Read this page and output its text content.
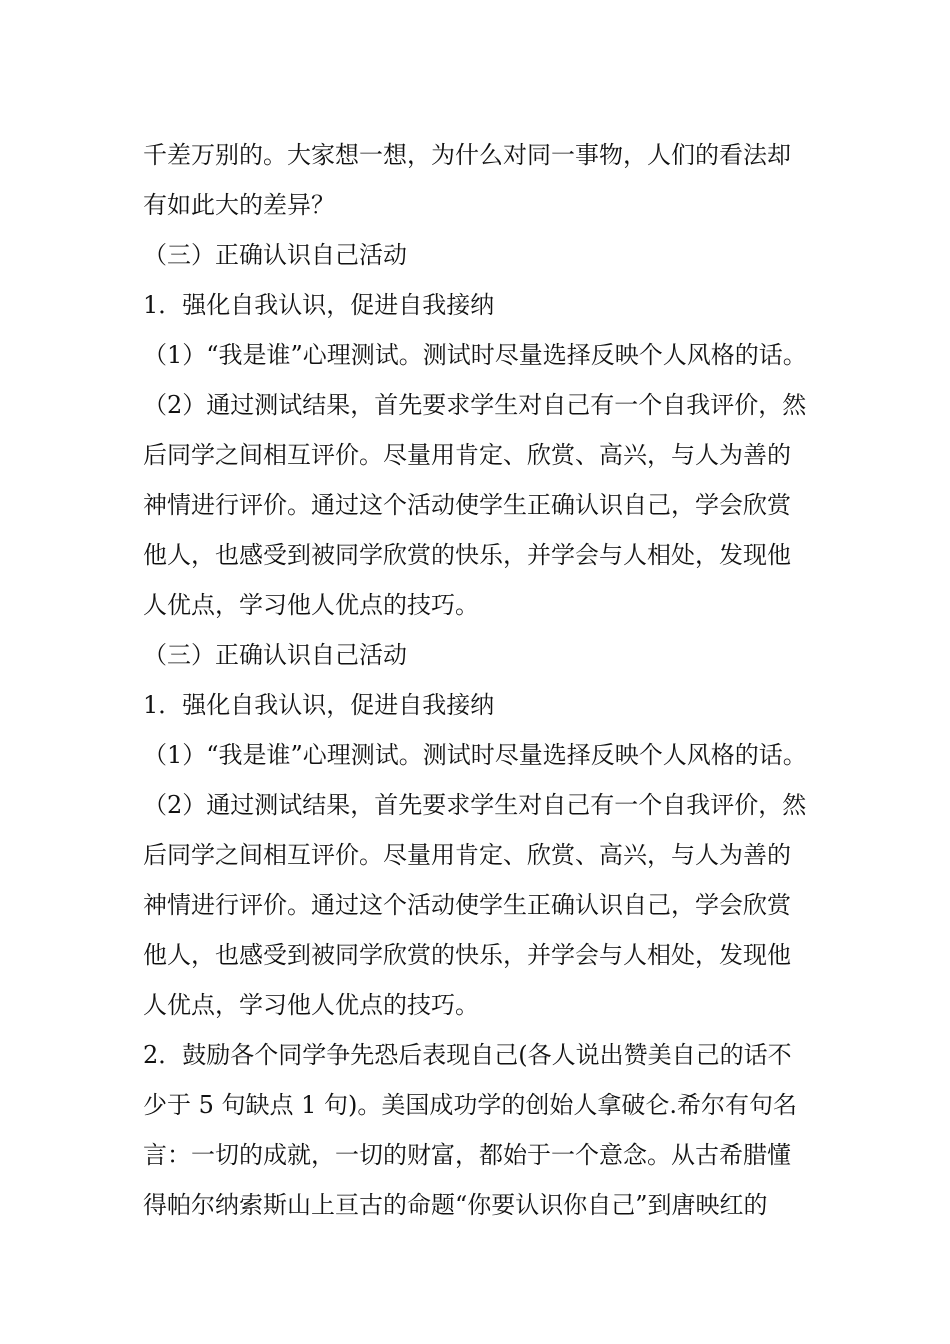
千差万别的。大家想一想，为什么对同一事物，人们的看法却
有如此大的差异？
（三）正确认识自己活动
1．强化自我认识，促进自我接纳
（1）“我是谁”心理测试。测试时尽量选择反映个人风格的话。
（2）通过测试结果，首先要求学生对自己有一个自我评价，然
后同学之间相互评价。尽量用肯定、欣赏、高兴，与人为善的
神情进行评价。通过这个活动使学生正确认识自己，学会欣赏
他人，也感受到被同学欣赏的快乐，并学会与人相处，发现他
人优点，学习他人优点的技巧。
（三）正确认识自己活动
1．强化自我认识，促进自我接纳
（1）“我是谁”心理测试。测试时尽量选择反映个人风格的话。
（2）通过测试结果，首先要求学生对自己有一个自我评价，然
后同学之间相互评价。尽量用肯定、欣赏、高兴，与人为善的
神情进行评价。通过这个活动使学生正确认识自己，学会欣赏
他人，也感受到被同学欣赏的快乐，并学会与人相处，发现他
人优点，学习他人优点的技巧。
2．鼓励各个同学争先恐后表现自己(各人说出赞美自己的话不
少于 5 句缺点 1 句)。美国成功学的创始人拿破仑.希尔有句名
言：一切的成就，一切的财富，都始于一个意念。从古希腊懂
得帕尔纳索斯山上亘古的命题“你要认识你自己”到唐映红的
